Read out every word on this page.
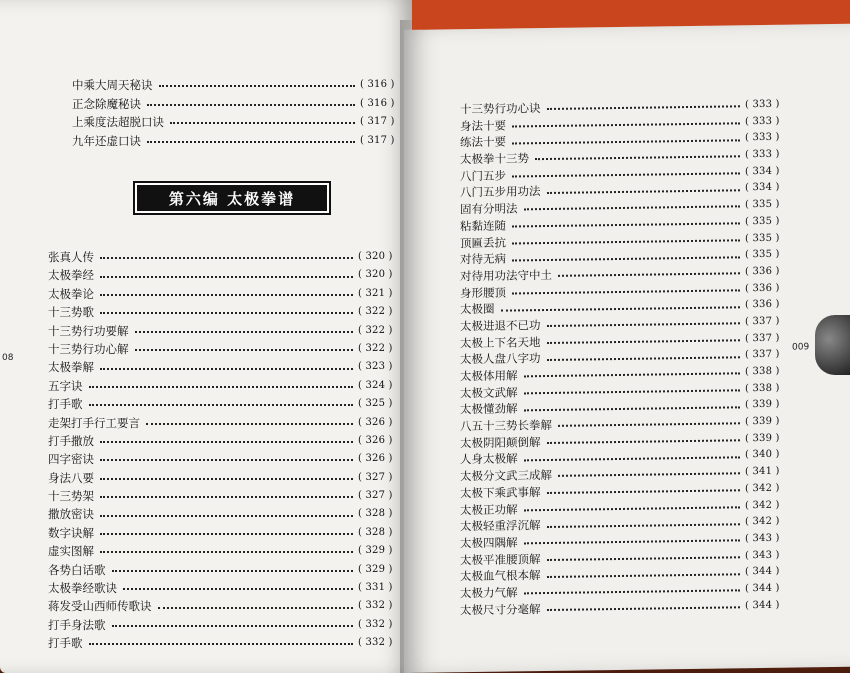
中乘大周天秘诀	( 316 )
正念除魔秘诀	( 316 )
上乘度法超脱口诀	( 317 )
九年还虚口诀	( 317 )
第六编 太极拳谱
张真人传	( 320 )
太极拳经	( 320 )
太极拳论	( 321 )
十三势歌	( 322 )
十三势行功要解	( 322 )
十三势行功心解	( 322 )
太极拳解	( 323 )
五字诀	( 324 )
打手歌	( 325 )
走架打手行工要言	( 326 )
打手撒放	( 326 )
四字密诀	( 326 )
身法八要	( 327 )
十三势架	( 327 )
撒放密诀	( 328 )
数字诀解	( 328 )
虚实图解	( 329 )
各势白话歌	( 329 )
太极拳经歌诀	( 331 )
蒋发受山西师传歌诀	( 332 )
打手身法歌	( 332 )
打手歌	( 332 )
08
十三势行功心诀	( 333 )
身法十要	( 333 )
练法十要	( 333 )
太极拳十三势	( 333 )
八门五步	( 334 )
八门五步用功法	( 334 )
固有分明法	( 335 )
粘黏连随	( 335 )
顶匾丢抗	( 335 )
对待无病	( 335 )
对待用功法守中土	( 336 )
身形腰顶	( 336 )
太极圈	( 336 )
太极进退不已功	( 337 )
太极上下名天地	( 337 )
太极人盘八字功	( 337 )
太极体用解	( 338 )
太极文武解	( 338 )
太极懂劲解	( 339 )
八五十三势长拳解	( 339 )
太极阴阳颠倒解	( 339 )
人身太极解	( 340 )
太极分文武三成解	( 341 )
太极下乘武事解	( 342 )
太极正功解	( 342 )
太极轻重浮沉解	( 342 )
太极四隅解	( 343 )
太极平准腰顶解	( 343 )
太极血气根本解	( 344 )
太极力气解	( 344 )
太极尺寸分毫解	( 344 )
009
